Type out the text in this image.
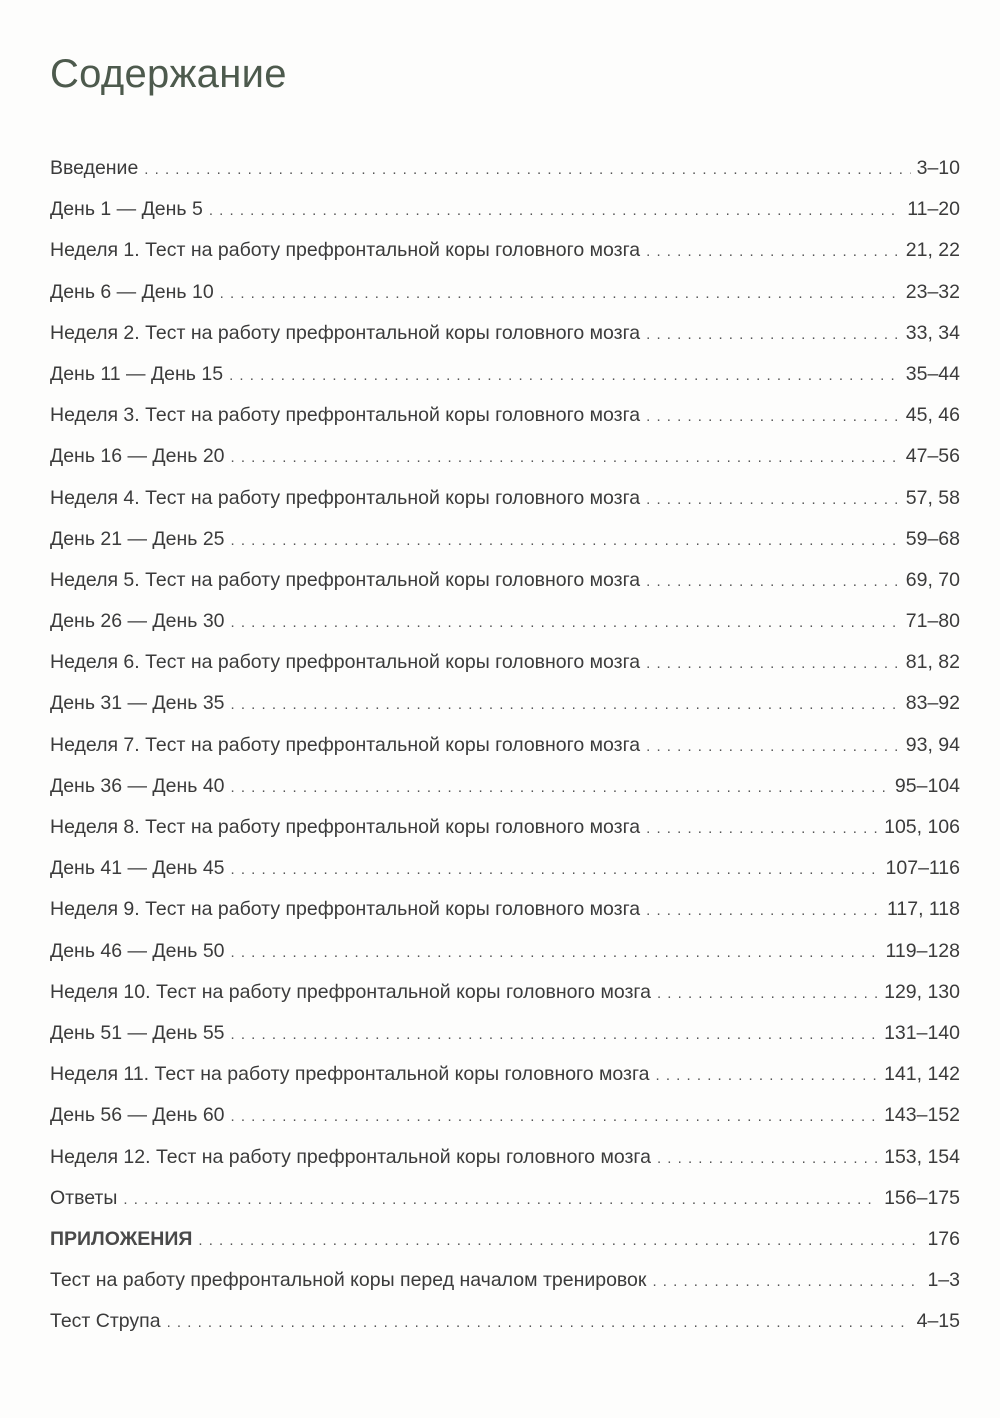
Содержание
Введение . . .	3–10
День 1 — День 5 . . .	11–20
Неделя 1. Тест на работу префронтальной коры головного мозга . . .	21, 22
День 6 — День 10 . . .	23–32
Неделя 2. Тест на работу префронтальной коры головного мозга . . .	33, 34
День 11 — День 15 . . .	35–44
Неделя 3. Тест на работу префронтальной коры головного мозга . . .	45, 46
День 16 — День 20 . . .	47–56
Неделя 4. Тест на работу префронтальной коры головного мозга . . .	57, 58
День 21 — День 25 . . .	59–68
Неделя 5. Тест на работу префронтальной коры головного мозга . . .	69, 70
День 26 — День 30 . . .	71–80
Неделя 6. Тест на работу префронтальной коры головного мозга . . .	81, 82
День 31 — День 35 . . .	83–92
Неделя 7. Тест на работу префронтальной коры головного мозга . . .	93, 94
День 36 — День 40 . . .	95–104
Неделя 8. Тест на работу префронтальной коры головного мозга . . .	105, 106
День 41 — День 45 . . .	107–116
Неделя 9. Тест на работу префронтальной коры головного мозга . . .	117, 118
День 46 — День 50 . . .	119–128
Неделя 10. Тест на работу префронтальной коры головного мозга . . .	129, 130
День 51 — День 55 . . .	131–140
Неделя 11. Тест на работу префронтальной коры головного мозга . . .	141, 142
День 56 — День 60 . . .	143–152
Неделя 12. Тест на работу префронтальной коры головного мозга . . .	153, 154
Ответы . . .	156–175
ПРИЛОЖЕНИЯ . . .	176
Тест на работу префронтальной коры перед началом тренировок . . .	1–3
Тест Струпа . . .	4–15
